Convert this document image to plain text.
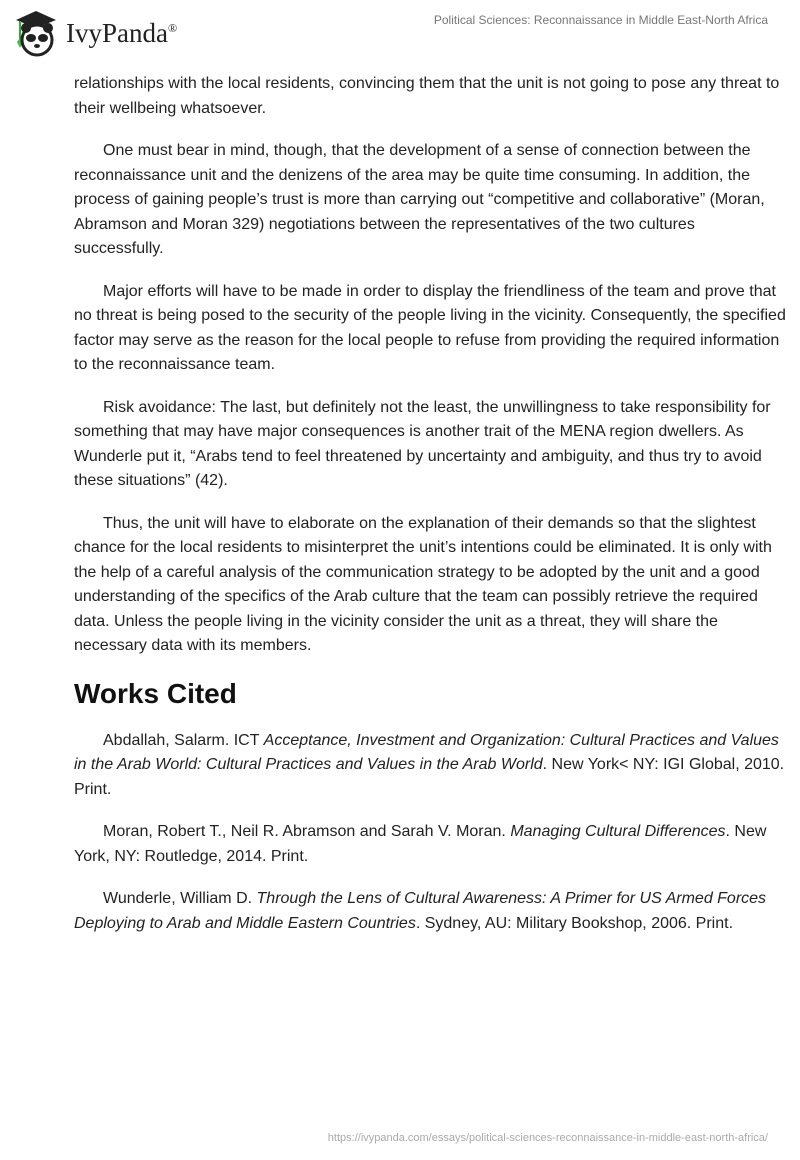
IvyPanda®
Political Sciences: Reconnaissance in Middle East-North Africa

relationships with the local residents, convincing them that the unit is not going to pose any threat to their wellbeing whatsoever.

One must bear in mind, though, that the development of a sense of connection between the reconnaissance unit and the denizens of the area may be quite time consuming. In addition, the process of gaining people’s trust is more than carrying out “competitive and collaborative” (Moran, Abramson and Moran 329) negotiations between the representatives of the two cultures successfully.

Major efforts will have to be made in order to display the friendliness of the team and prove that no threat is being posed to the security of the people living in the vicinity. Consequently, the specified factor may serve as the reason for the local people to refuse from providing the required information to the reconnaissance team.

Risk avoidance: The last, but definitely not the least, the unwillingness to take responsibility for something that may have major consequences is another trait of the MENA region dwellers. As Wunderle put it, “Arabs tend to feel threatened by uncertainty and ambiguity, and thus try to avoid these situations” (42).

Thus, the unit will have to elaborate on the explanation of their demands so that the slightest chance for the local residents to misinterpret the unit’s intentions could be eliminated. It is only with the help of a careful analysis of the communication strategy to be adopted by the unit and a good understanding of the specifics of the Arab culture that the team can possibly retrieve the required data. Unless the people living in the vicinity consider the unit as a threat, they will share the necessary data with its members.

Works Cited

Abdallah, Salarm. ICT Acceptance, Investment and Organization: Cultural Practices and Values in the Arab World: Cultural Practices and Values in the Arab World. New York< NY: IGI Global, 2010. Print.

Moran, Robert T., Neil R. Abramson and Sarah V. Moran. Managing Cultural Differences. New York, NY: Routledge, 2014. Print.

Wunderle, William D. Through the Lens of Cultural Awareness: A Primer for US Armed Forces Deploying to Arab and Middle Eastern Countries. Sydney, AU: Military Bookshop, 2006. Print.

https://ivypanda.com/essays/political-sciences-reconnaissance-in-middle-east-north-africa/
